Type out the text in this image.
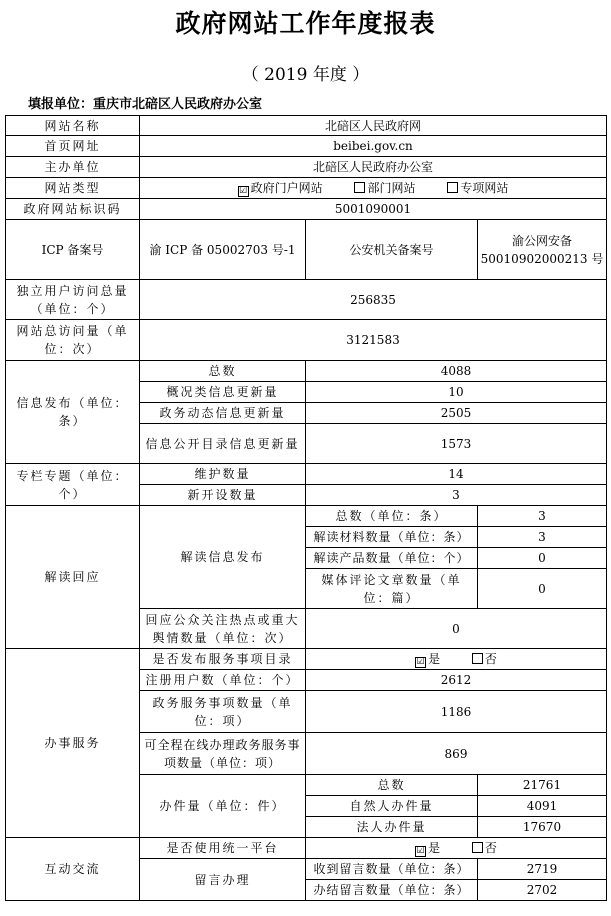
政府网站工作年度报表
（ 2019 年度 ）
填报单位：重庆市北碚区人民政府办公室
网站名称	北碚区人民政府网		
首页网址	beibei.gov.cn		
主办单位	北碚区人民政府办公室		
网站类型	☑ 政府门户网站 部门网站 专项网站		
政府网站标识码	5001090001		
ICP 备案号	渝 ICP 备 05002703 号-1	公安机关备案号	渝公网安备 50010902000213 号
独立用户访问总量（单位：个）	256835		
网站总访问量（单位：次）	3121583		
信息发布（单位：条）	总数	4088	
	概况类信息更新量	10	
	政务动态信息更新量	2505	
	信息公开目录信息更新量	1573	
专栏专题（单位：个）	维护数量	14	
	新开设数量	3	
解读回应	解读信息发布	总数（单位：条）	3
		解读材料数量（单位：条）	3
		解读产品数量（单位：个）	0
		媒体评论文章数量（单位：篇）	0
	回应公众关注热点或重大舆情数量（单位：次）	0	
办事服务	是否发布服务事项目录	☑ 是 否	
	注册用户数（单位：个）	2612	
	政务服务事项数量（单位：项）	1186	
	可全程在线办理政务服务事项数量（单位：项）	869	
	办件量（单位：件）	总数	21761
		自然人办件量	4091
		法人办件量	17670
互动交流	是否使用统一平台	☑ 是 否	
	留言办理	收到留言数量（单位：条）	2719
		办结留言数量（单位：条）	2702
